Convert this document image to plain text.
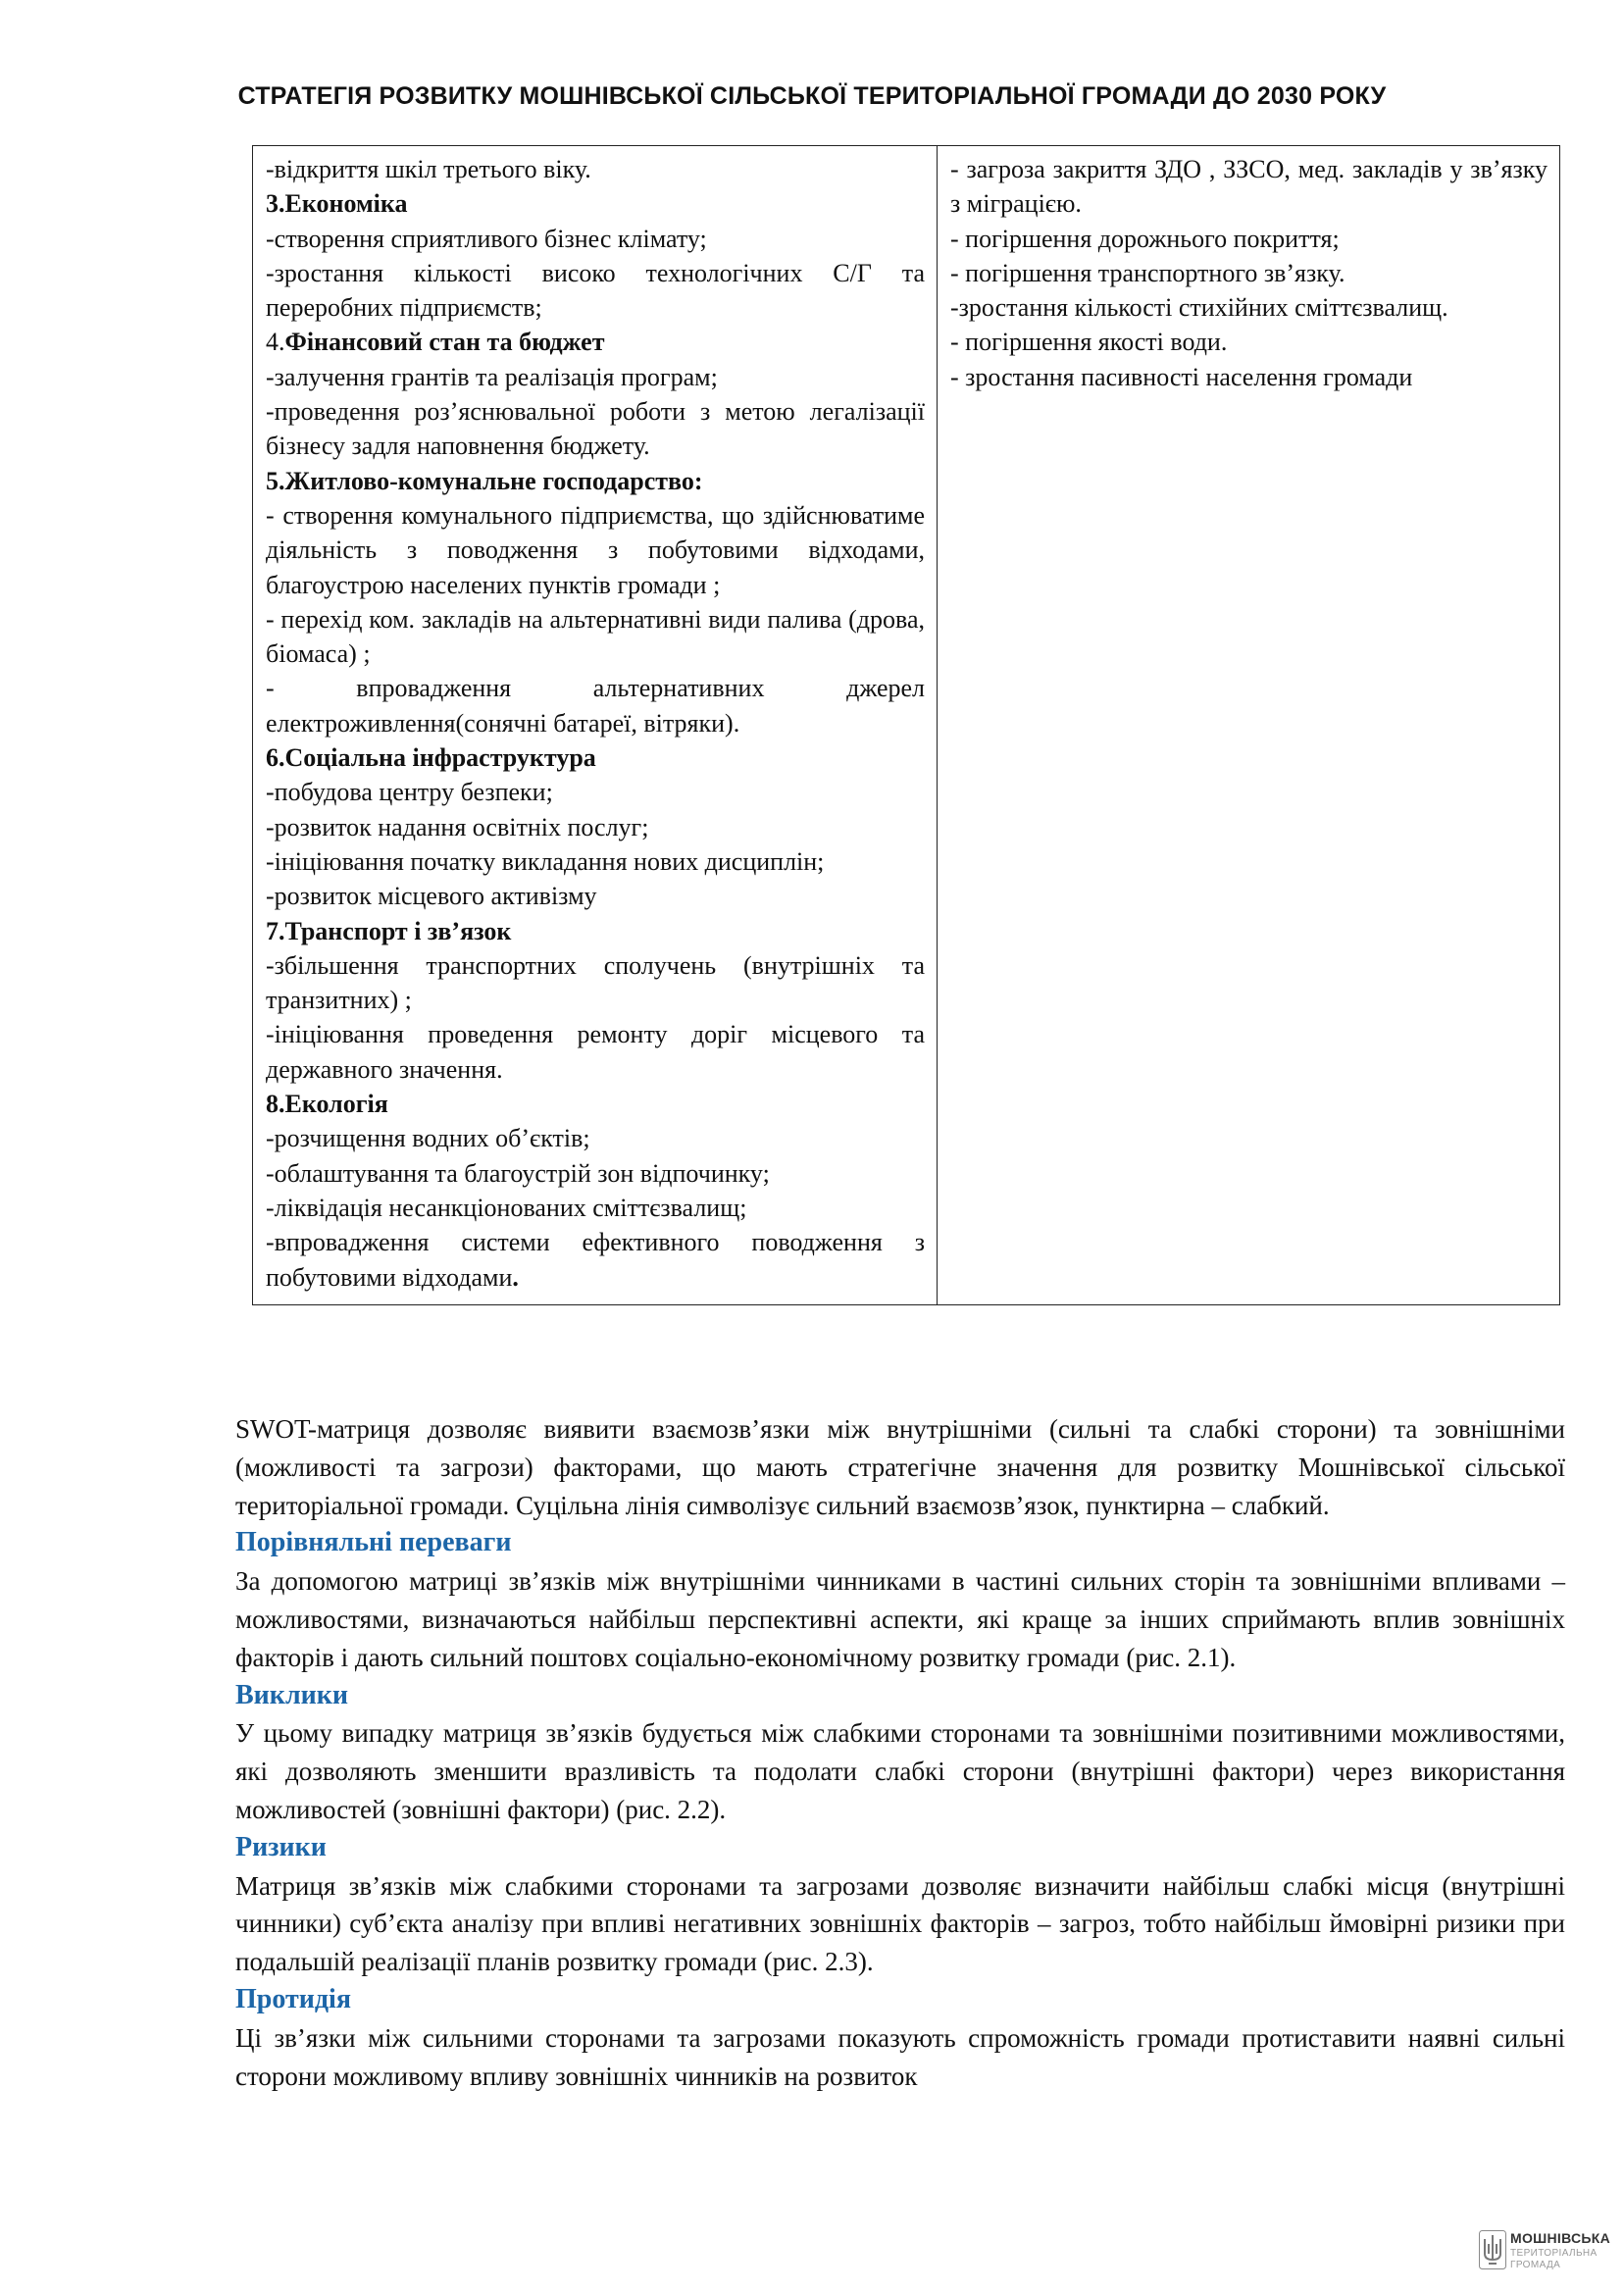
СТРАТЕГІЯ РОЗВИТКУ МОШНІВСЬКОЇ СІЛЬСЬКОЇ ТЕРИТОРІАЛЬНОЇ ГРОМАДИ ДО 2030 РОКУ
-відкриття шкіл третього віку.
3.Економіка
-створення сприятливого бізнес клімату;
-зростання кількості високо технологічних С/Г та переробних підприємств;
4.Фінансовий стан та бюджет
-залучення грантів та реалізація програм;
-проведення роз’яснювальної роботи з метою легалізації бізнесу задля наповнення бюджету.
5.Житлово-комунальне господарство:
- створення комунального підприємства, що здійснюватиме діяльність з поводження з побутовими відходами, благоустрою населених пунктів громади ;
- перехід ком. закладів на альтернативні види палива (дрова, біомаса) ;
- впровадження альтернативних джерел електроживлення(сонячні батареї, вітряки).
6.Соціальна інфраструктура
-побудова центру безпеки;
-розвиток надання освітніх послуг;
-ініціювання початку викладання нових дисциплін;
-розвиток місцевого активізму
7.Транспорт і зв’язок
-збільшення транспортних сполучень (внутрішніх та транзитних) ;
-ініціювання проведення ремонту доріг місцевого та державного значення.
8.Екологія
-розчищення водних об’єктів;
-облаштування та благоустрій зон відпочинку;
-ліквідація несанкціонованих сміттєзвалищ;
-впровадження системи ефективного поводження з побутовими відходами.

- загроза закриття ЗДО , ЗЗСО, мед. закладів у зв’язку з міграцією.
- погіршення дорожнього покриття;
- погіршення транспортного зв’язку.
-зростання кількості стихійних сміттєзвалищ.
- погіршення якості води.
- зростання пасивності населення громади

SWOT-матриця дозволяє виявити взаємозв’язки між внутрішніми (сильні та слабкі сторони) та зовнішніми (можливості та загрози) факторами, що мають стратегічне значення для розвитку Мошнівської сільської територіальної громади. Суцільна лінія символізує сильний взаємозв’язок, пунктирна – слабкий.

Порівняльні переваги

За допомогою матриці зв’язків між внутрішніми чинниками в частині сильних сторін та зовнішніми впливами – можливостями, визначаються найбільш перспективні аспекти, які краще за інших сприймають вплив зовнішніх факторів і дають сильний поштовх соціально-економічному розвитку громади (рис. 2.1).

Виклики

У цьому випадку матриця зв’язків будується між слабкими сторонами та зовнішніми позитивними можливостями, які дозволяють зменшити вразливість та подолати слабкі сторони (внутрішні фактори) через використання можливостей (зовнішні фактори) (рис. 2.2).

Ризики

Матриця зв’язків між слабкими сторонами та загрозами дозволяє визначити найбільш слабкі місця (внутрішні чинники) суб’єкта аналізу при впливі негативних зовнішніх факторів – загроз, тобто найбільш ймовірні ризики при подальшій реалізації планів розвитку громади (рис. 2.3).

Протидія

Ці зв’язки між сильними сторонами та загрозами показують спроможність громади протиставити наявні сильні сторони можливому впливу зовнішніх чинників на розвиток

МОШНІВСЬКА
ТЕРИТОРІАЛЬНА
ГРОМАДА
